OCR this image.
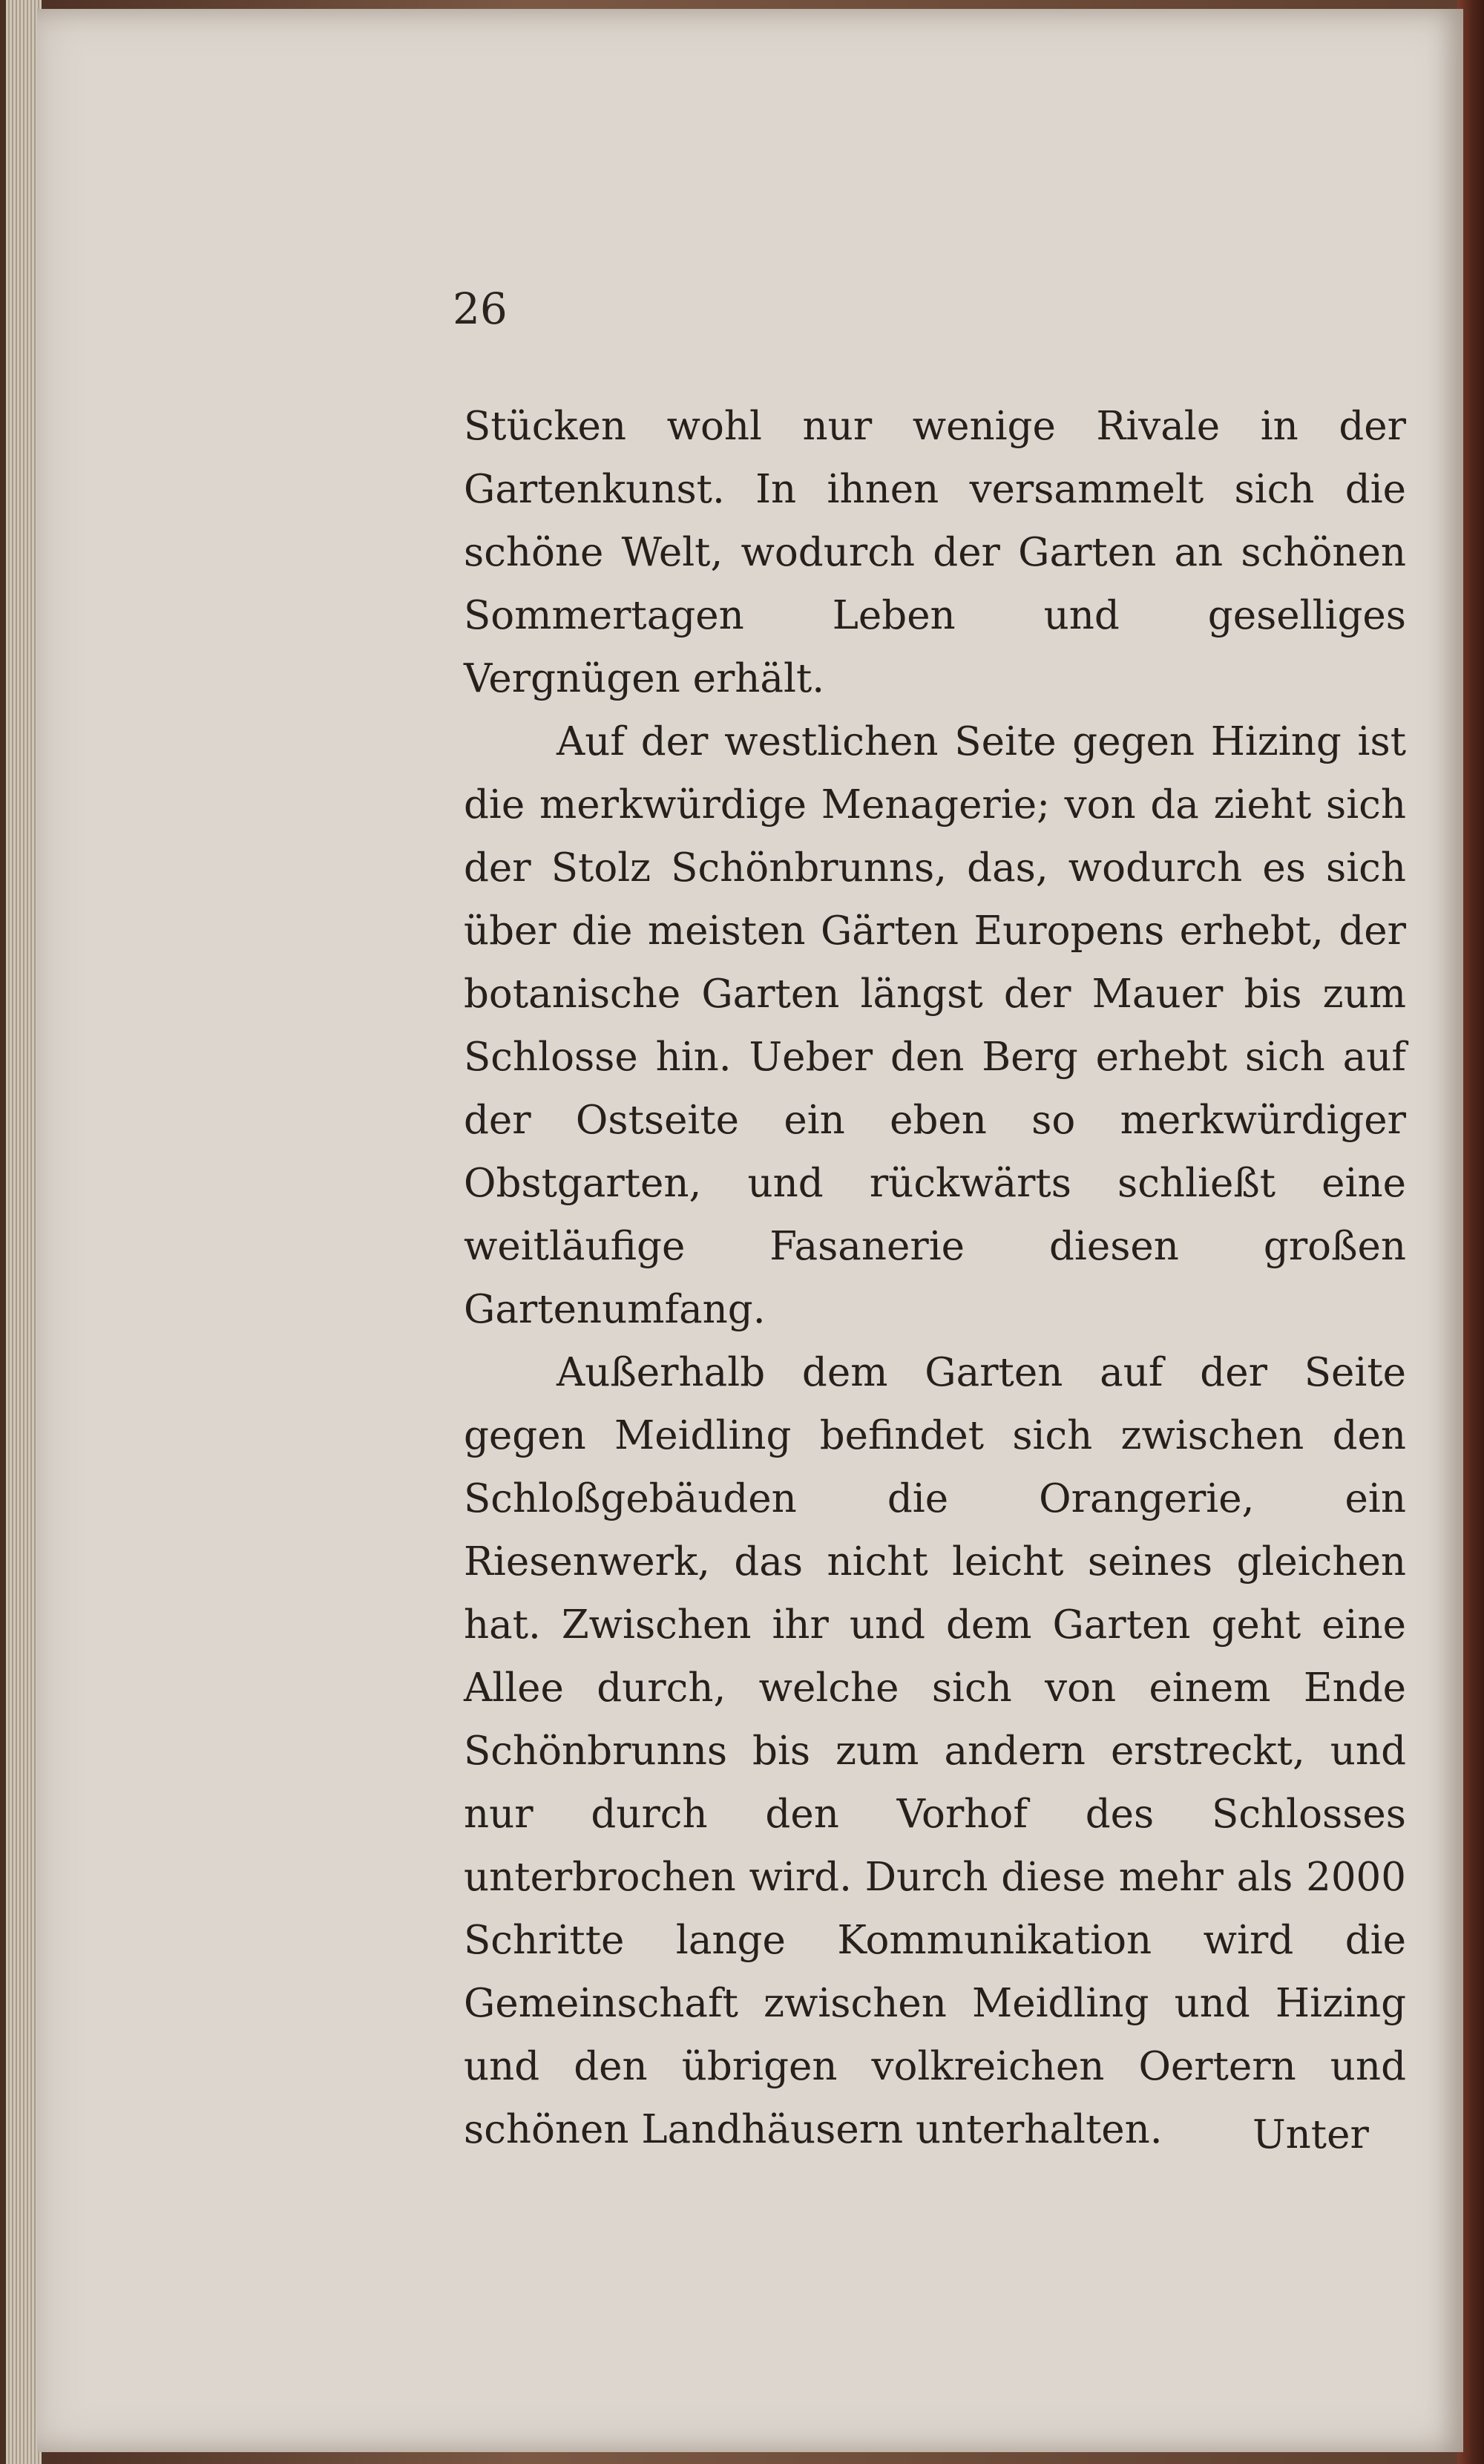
26

Stücken wohl nur wenige Rivale in der Gartenkunst. In ihnen versammelt sich die schöne Welt, wodurch der Garten an schönen Sommertagen Leben und geselliges Vergnügen erhält.

Auf der westlichen Seite gegen Hizing ist die merkwürdige Menagerie; von da zieht sich der Stolz Schönbrunns, das, wodurch es sich über die meisten Gärten Europens erhebt, der botanische Garten längst der Mauer bis zum Schlosse hin. Ueber den Berg erhebt sich auf der Ostseite ein eben so merkwürdiger Obstgarten, und rückwärts schließt eine weitläufige Fasanerie diesen großen Gartenumfang.

Außerhalb dem Garten auf der Seite gegen Meidling befindet sich zwischen den Schloßgebäuden die Orangerie, ein Riesenwerk, das nicht leicht seines gleichen hat. Zwischen ihr und dem Garten geht eine Allee durch, welche sich von einem Ende Schönbrunns bis zum andern erstreckt, und nur durch den Vorhof des Schlosses unterbrochen wird. Durch diese mehr als 2000 Schritte lange Kommunikation wird die Gemeinschaft zwischen Meidling und Hizing und den übrigen volkreichen Oertern und schönen Landhäusern unterhalten.	Unter
